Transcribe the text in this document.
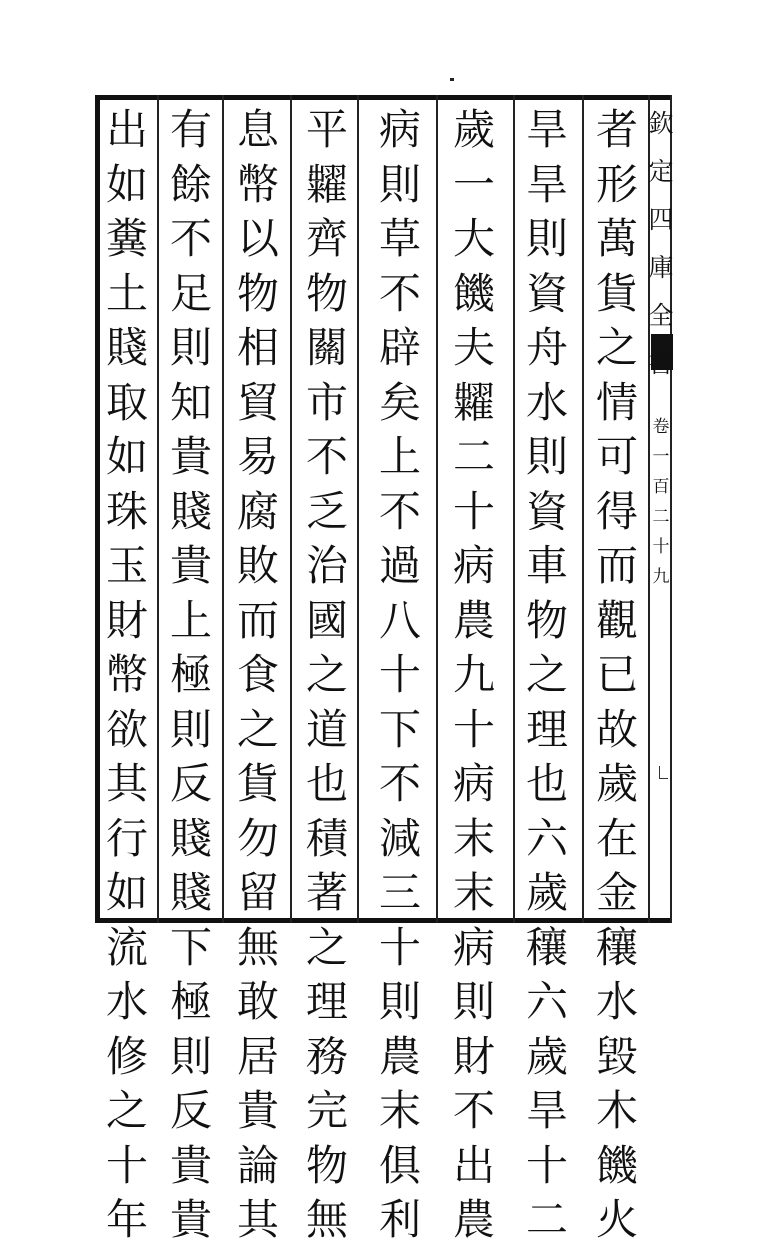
欽
定
四
庫
全
書
卷
一
百
二
十
九
者
形
萬
貨
之
情
可
得
而
觀
已
故
歲
在
金
穰
水
毀
木
饑
火
旱
旱
則
資
舟
水
則
資
車
物
之
理
也
六
歲
穰
六
歲
旱
十
二
歲
一
大
饑
夫
糶
二
十
病
農
九
十
病
末
末
病
則
財
不
出
農
病
則
草
不
辟
矣
上
不
過
八
十
下
不
減
三
十
則
農
末
俱
利
平
糶
齊
物
關
市
不
乏
治
國
之
道
也
積
著
之
理
務
完
物
無
息
幣
以
物
相
貿
易
腐
敗
而
食
之
貨
勿
留
無
敢
居
貴
論
其
有
餘
不
足
則
知
貴
賤
貴
上
極
則
反
賤
賤
下
極
則
反
貴
貴
出
如
糞
土
賤
取
如
珠
玉
財
幣
欲
其
行
如
流
水
修
之
十
年
